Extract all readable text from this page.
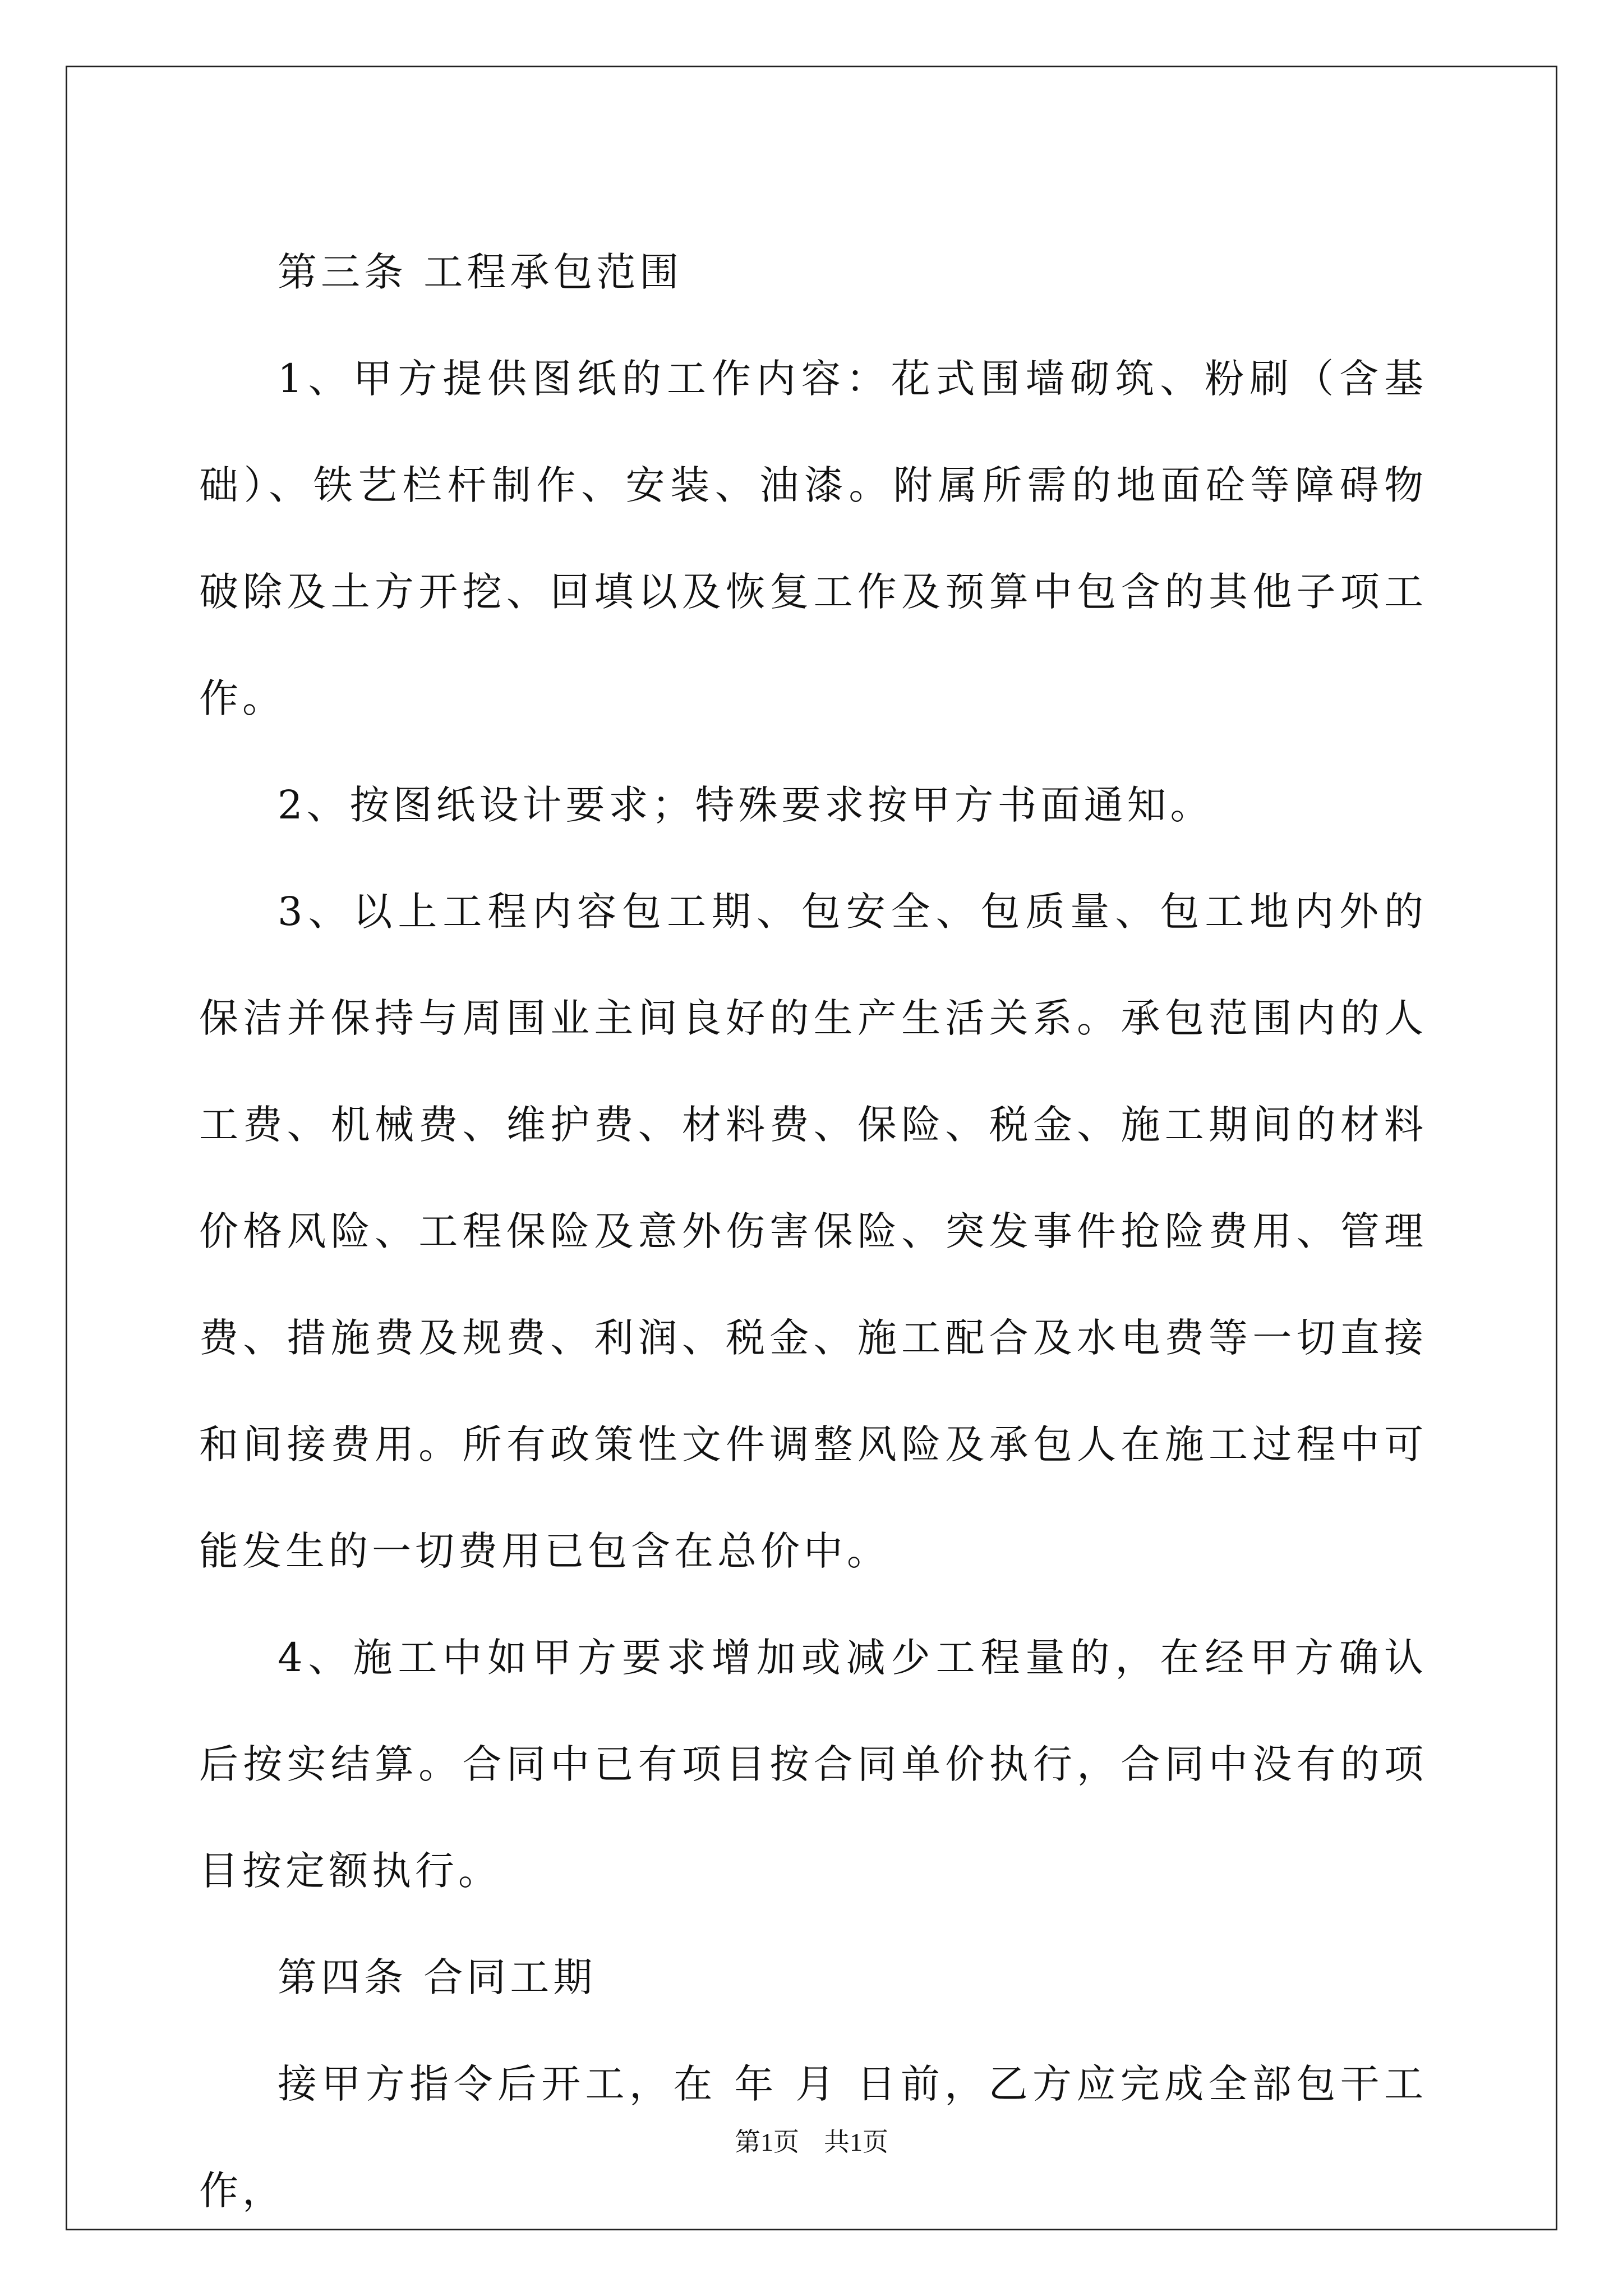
第三条 工程承包范围

1、甲方提供图纸的工作内容：花式围墙砌筑、粉刷（含基础）、铁艺栏杆制作、安装、油漆。附属所需的地面砼等障碍物破除及土方开挖、回填以及恢复工作及预算中包含的其他子项工作。

2、按图纸设计要求；特殊要求按甲方书面通知。

3、以上工程内容包工期、包安全、包质量、包工地内外的保洁并保持与周围业主间良好的生产生活关系。承包范围内的人工费、机械费、维护费、材料费、保险、税金、施工期间的材料价格风险、工程保险及意外伤害保险、突发事件抢险费用、管理费、措施费及规费、利润、税金、施工配合及水电费等一切直接和间接费用。所有政策性文件调整风险及承包人在施工过程中可能发生的一切费用已包含在总价中。

4、施工中如甲方要求增加或减少工程量的，在经甲方确认后按实结算。合同中已有项目按合同单价执行，合同中没有的项目按定额执行。

第四条 合同工期

接甲方指令后开工，在 年 月 日前，乙方应完成全部包干工作，

第1页 共1页
